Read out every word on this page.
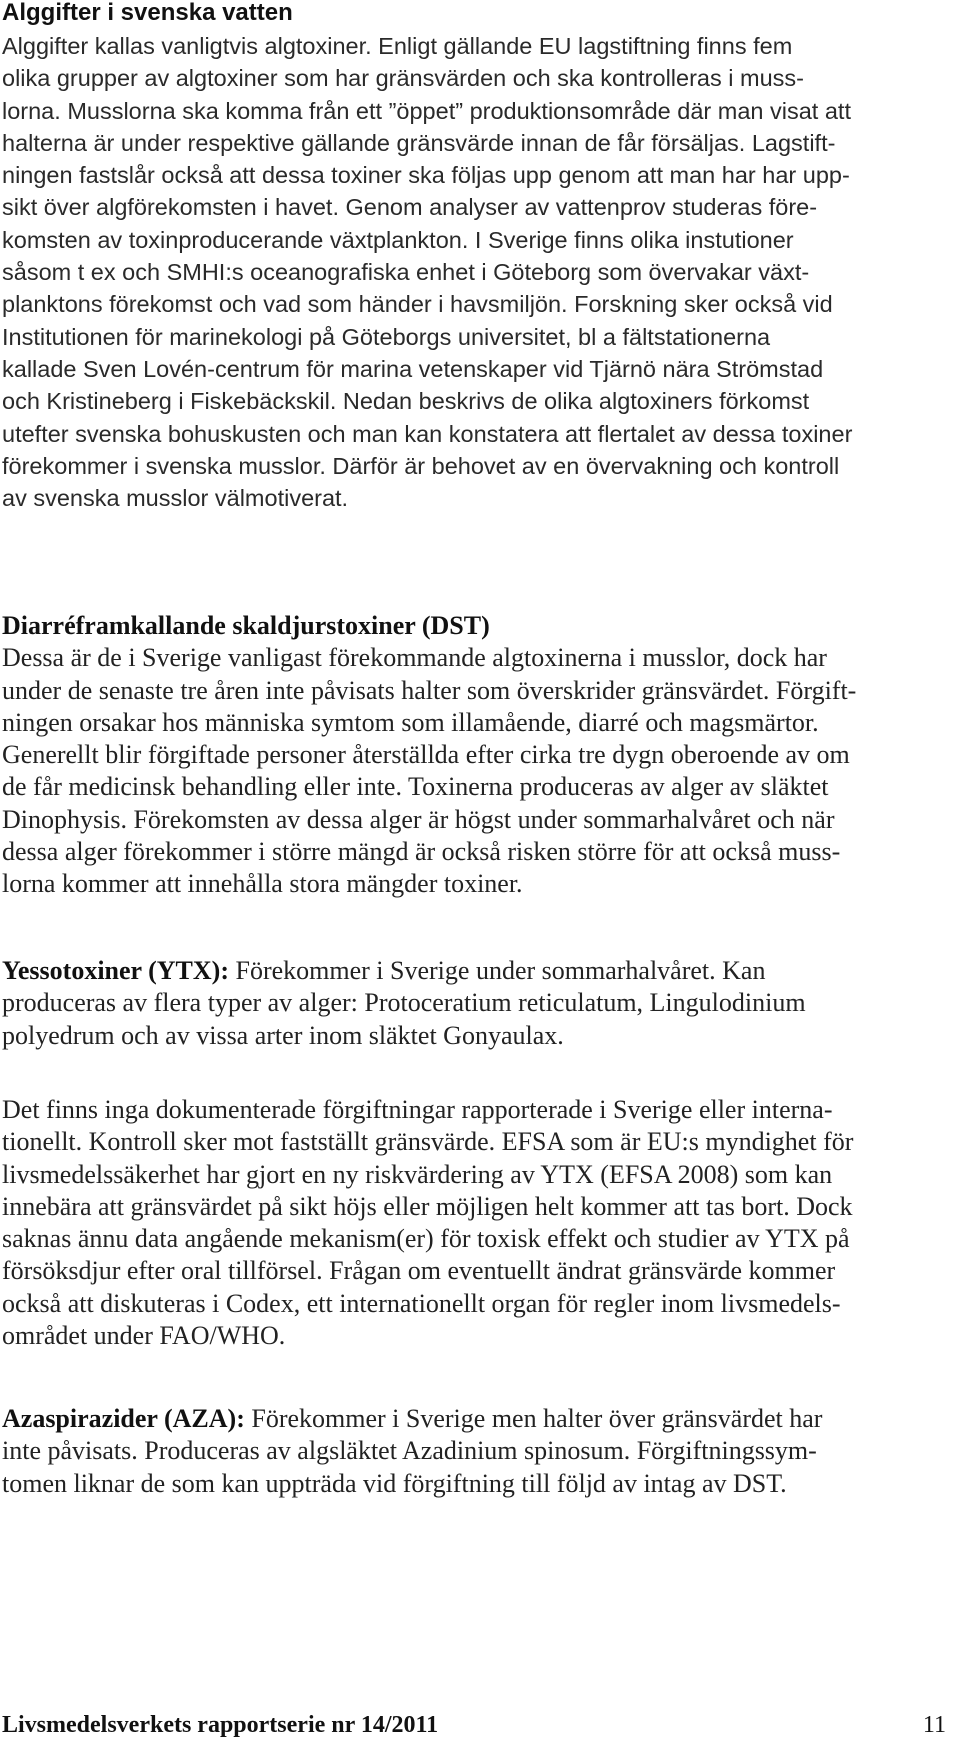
Alggifter i svenska vatten
Alggifter kallas vanligtvis algtoxiner. Enligt gällande EU lagstiftning finns fem
olika grupper av algtoxiner som har gränsvärden och ska kontrolleras i muss-
lorna. Musslorna ska komma från ett ”öppet” produktionsområde där man visat att
halterna är under respektive gällande gränsvärde innan de får försäljas. Lagstift-
ningen fastslår också att dessa toxiner ska följas upp genom att man har har upp-
sikt över algförekomsten i havet. Genom analyser av vattenprov studeras före-
komsten av toxinproducerande växtplankton. I Sverige finns olika instutioner
såsom t ex och SMHI:s oceanografiska enhet i Göteborg som övervakar växt-
planktons förekomst och vad som händer i havsmiljön. Forskning sker också vid
Institutionen för marinekologi på Göteborgs universitet, bl a fältstationerna
kallade Sven Lovén-centrum för marina vetenskaper vid Tjärnö nära Strömstad
och Kristineberg i Fiskebäckskil. Nedan beskrivs de olika algtoxiners förkomst
utefter svenska bohuskusten och man kan konstatera att flertalet av dessa toxiner
förekommer i svenska musslor. Därför är behovet av en övervakning och kontroll
av svenska musslor välmotiverat.
Diarréframkallande skaldjurstoxiner (DST)
Dessa är de i Sverige vanligast förekommande algtoxinerna i musslor, dock har
under de senaste tre åren inte påvisats halter som överskrider gränsvärdet. Förgift-
ningen orsakar hos människa symtom som illamående, diarré och magsmärtor.
Generellt blir förgiftade personer återställda efter cirka tre dygn oberoende av om
de får medicinsk behandling eller inte. Toxinerna produceras av alger av släktet
Dinophysis. Förekomsten av dessa alger är högst under sommarhalvåret och när
dessa alger förekommer i större mängd är också risken större för att också muss-
lorna kommer att innehålla stora mängder toxiner.
Yessotoxiner (YTX): Förekommer i Sverige under sommarhalvåret. Kan
produceras av flera typer av alger: Protoceratium reticulatum, Lingulodinium
polyedrum och av vissa arter inom släktet Gonyaulax.
Det finns inga dokumenterade förgiftningar rapporterade i Sverige eller interna-
tionellt. Kontroll sker mot fastställt gränsvärde. EFSA som är EU:s myndighet för
livsmedelssäkerhet har gjort en ny riskvärdering av YTX (EFSA 2008) som kan
innebära att gränsvärdet på sikt höjs eller möjligen helt kommer att tas bort. Dock
saknas ännu data angående mekanism(er) för toxisk effekt och studier av YTX på
försöksdjur efter oral tillförsel. Frågan om eventuellt ändrat gränsvärde kommer
också att diskuteras i Codex, ett internationellt organ för regler inom livsmedels-
området under FAO/WHO.
Azaspirazider (AZA): Förekommer i Sverige men halter över gränsvärdet har
inte påvisats. Produceras av algsläktet Azadinium spinosum. Förgiftningssym-
tomen liknar de som kan uppträda vid förgiftning till följd av intag av DST.
Livsmedelsverkets rapportserie nr 14/2011	11
